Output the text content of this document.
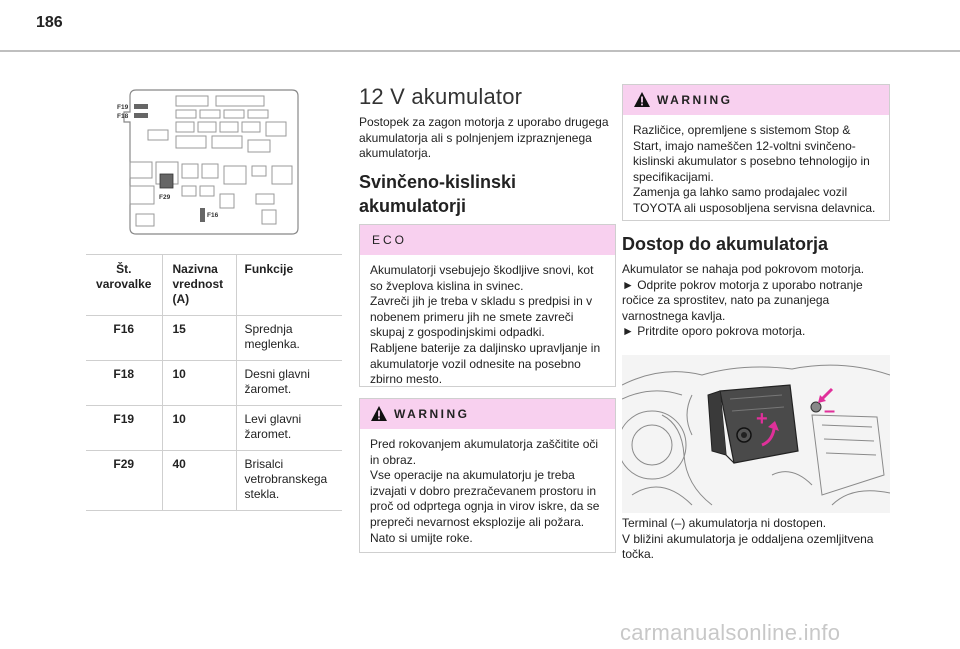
186
F19
F18
F29
F16
Št. varovalke	Nazivna vrednost (A)	Funkcije
F16	15	Sprednja meglenka.
F18	10	Desni glavni žaromet.
F19	10	Levi glavni žaromet.
F29	40	Brisalci vetrobranskega stekla.
12 V akumulator
Postopek za zagon motorja z uporabo drugega akumulatorja ali s polnjenjem izpraznjenega akumulatorja.
Svinčeno-kislinski akumulatorji
ECO
Akumulatorji vsebujejo škodljive snovi, kot so žveplova kislina in svinec.
Zavreči jih je treba v skladu s predpisi in v nobenem primeru jih ne smete zavreči skupaj z gospodinjskimi odpadki.
Rabljene baterije za daljinsko upravljanje in akumulatorje vozil odnesite na posebno zbirno mesto.
WARNING
Pred rokovanjem akumulatorja zaščitite oči in obraz.
Vse operacije na akumulatorju je treba izvajati v dobro prezračevanem prostoru in proč od odprtega ognja in virov iskre, da se prepreči nevarnost eksplozije ali požara.
Nato si umijte roke.
WARNING
Različice, opremljene s sistemom Stop & Start, imajo nameščen 12-voltni svinčeno-kislinski akumulator s posebno tehnologijo in specifikacijami.
Zamenja ga lahko samo prodajalec vozil TOYOTA ali usposobljena servisna delavnica.
Dostop do akumulatorja
Akumulator se nahaja pod pokrovom motorja.
► Odprite pokrov motorja z uporabo notranje ročice za sprostitev, nato pa zunanjega varnostnega kavlja.
► Pritrdite oporo pokrova motorja.
+	–
Terminal (–) akumulatorja ni dostopen.
V bližini akumulatorja je oddaljena ozemljitvena točka.
carmanualsonline.info
